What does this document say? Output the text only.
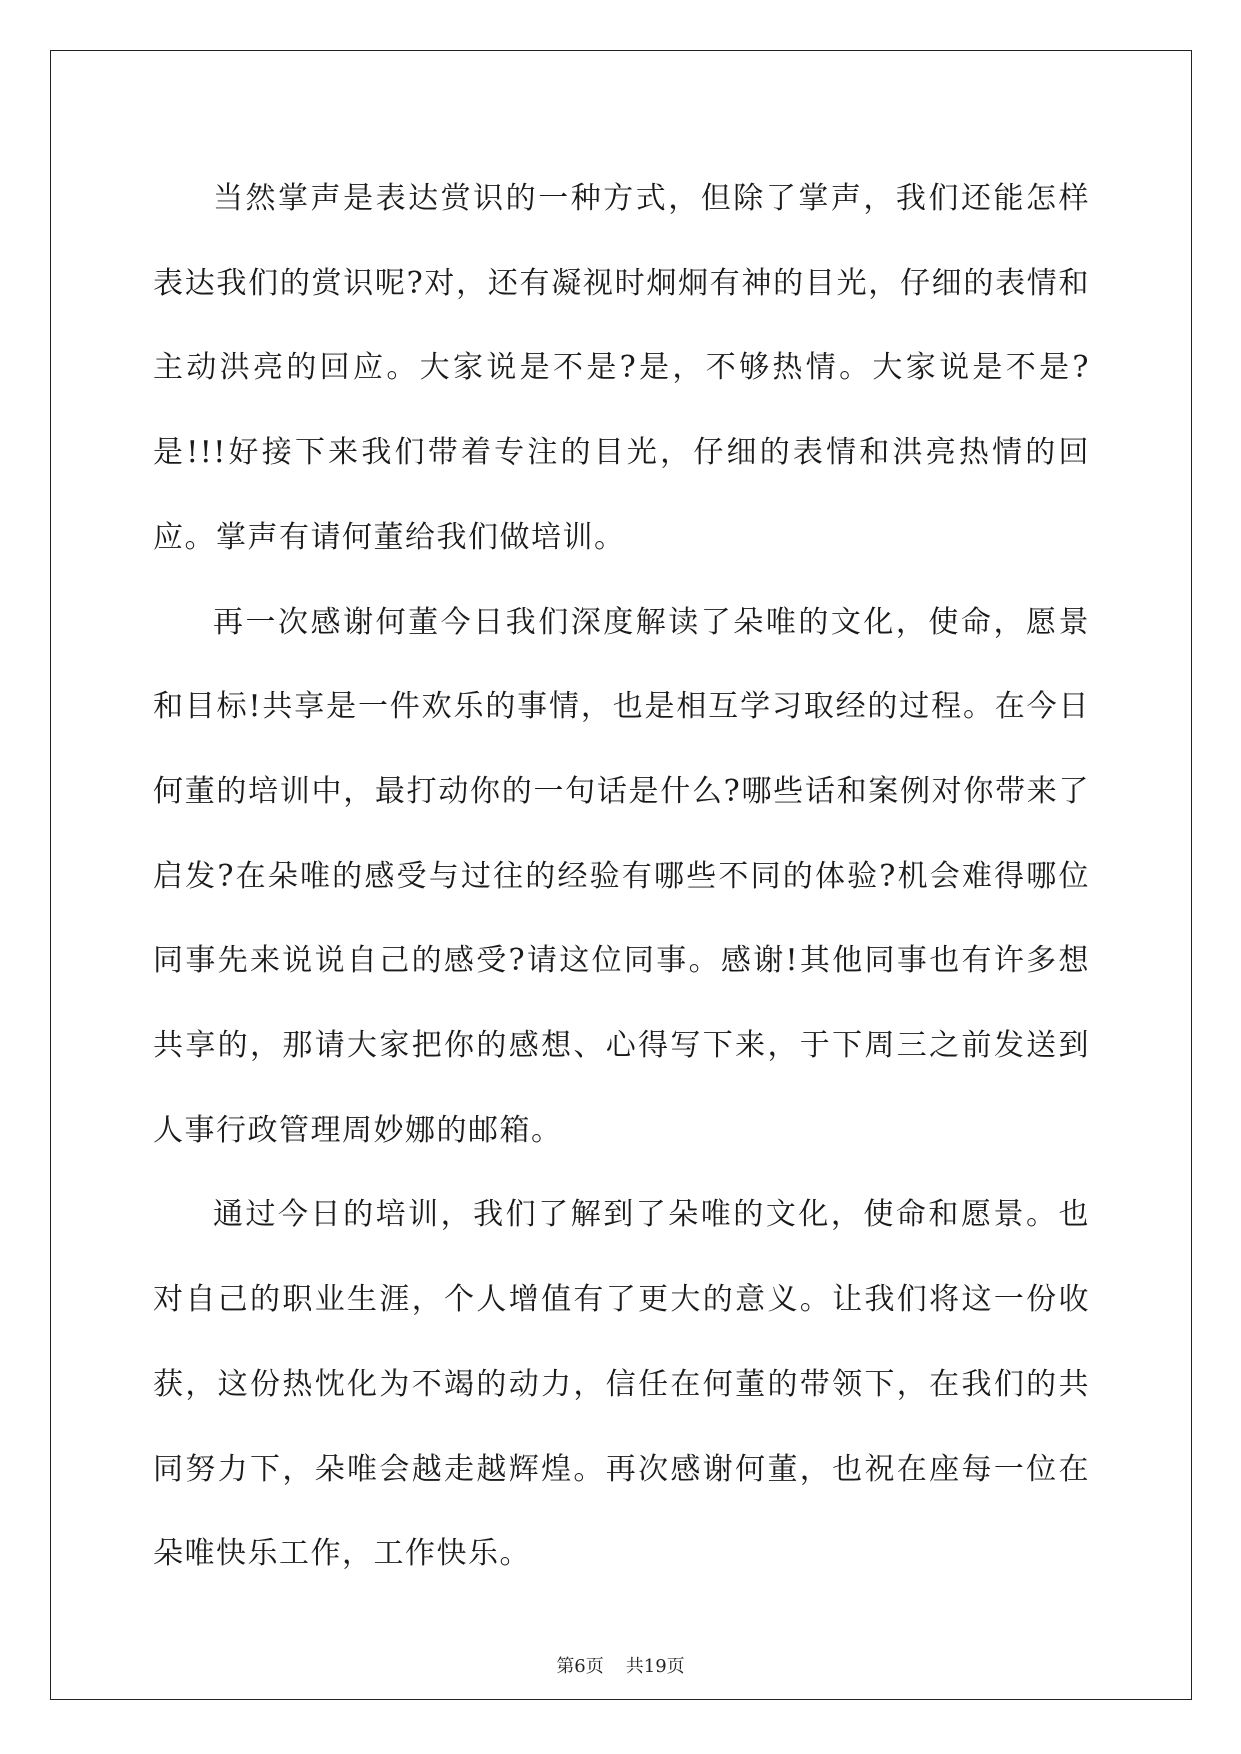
当然掌声是表达赏识的一种方式，但除了掌声，我们还能怎样表达我们的赏识呢?对，还有凝视时炯炯有神的目光，仔细的表情和主动洪亮的回应。大家说是不是?是，不够热情。大家说是不是?是!!!好接下来我们带着专注的目光，仔细的表情和洪亮热情的回应。掌声有请何董给我们做培训。

再一次感谢何董今日我们深度解读了朵唯的文化，使命，愿景和目标!共享是一件欢乐的事情，也是相互学习取经的过程。在今日何董的培训中，最打动你的一句话是什么?哪些话和案例对你带来了启发?在朵唯的感受与过往的经验有哪些不同的体验?机会难得哪位同事先来说说自己的感受?请这位同事。感谢!其他同事也有许多想共享的，那请大家把你的感想、心得写下来，于下周三之前发送到人事行政管理周妙娜的邮箱。

通过今日的培训，我们了解到了朵唯的文化，使命和愿景。也对自己的职业生涯，个人增值有了更大的意义。让我们将这一份收获，这份热忱化为不竭的动力，信任在何董的带领下，在我们的共同努力下，朵唯会越走越辉煌。再次感谢何董，也祝在座每一位在朵唯快乐工作，工作快乐。

第6页 共19页
